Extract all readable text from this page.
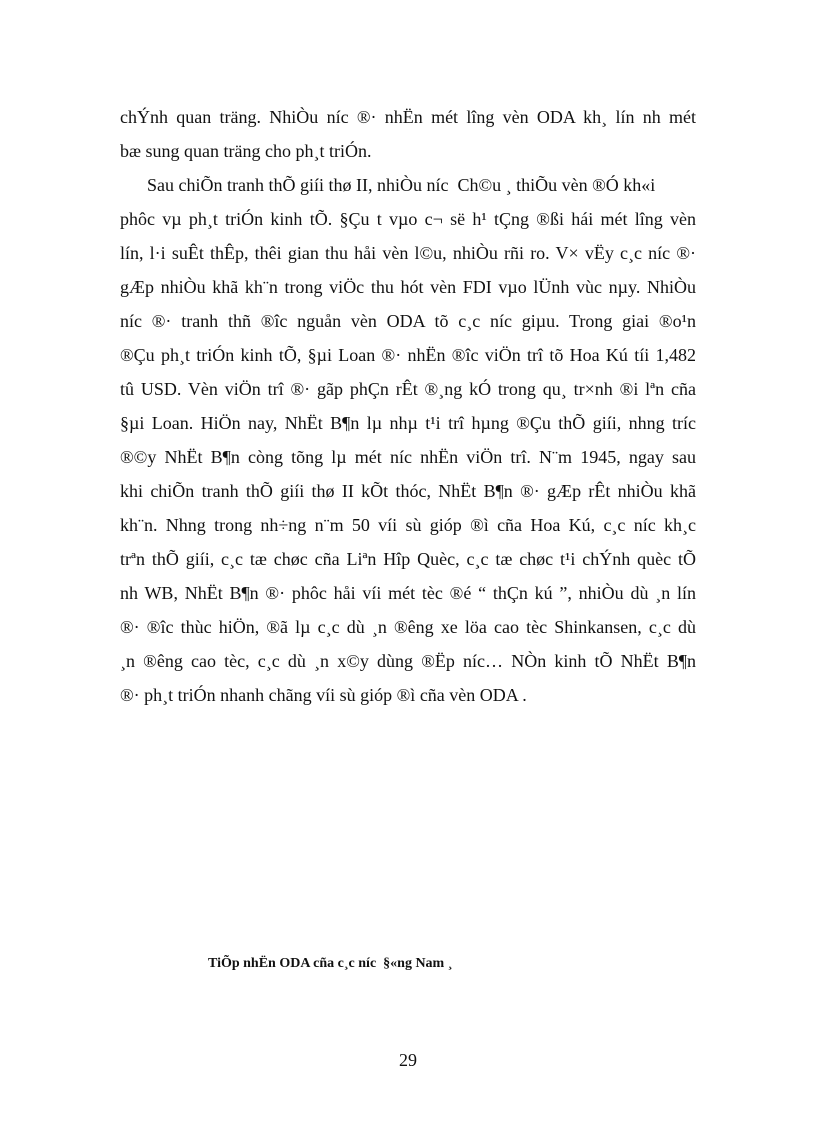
chÝnh quan träng. NhiÒu níc ®· nhËn mét lîng vèn ODA kh¸ lín nh mét
bæ sung quan träng cho ph¸t triÓn.
Sau chiÕn tranh thÕ giíi thø II, nhiÒu níc  Ch©u ¸ thiÕu vèn ®Ó kh«i
phôc vµ ph¸t triÓn kinh tÕ. §Çu t vµo c¬ së h¹ tÇng ®ßi hái mét lîng vèn
lín, l·i suÊt thÊp, thêi gian thu håi vèn l©u, nhiÒu rñi ro. V× vËy c¸c níc ®·
gÆp nhiÒu khã kh¨n trong viÖc thu hót vèn FDI vµo lÜnh vùc nµy. NhiÒu
níc ®· tranh thñ ®îc nguån vèn ODA tõ c¸c níc giµu. Trong giai ®o¹n
®Çu ph¸t triÓn kinh tÕ, §µi Loan ®· nhËn ®îc viÖn trî tõ Hoa Kú tíi 1,482
tû USD. Vèn viÖn trî ®· gãp phÇn rÊt ®¸ng kÓ trong qu¸ tr×nh ®i lªn cña
§µi Loan. HiÖn nay, NhËt B¶n lµ nhµ t¹i trî hµng ®Çu thÕ giíi, nhng tríc
®©y NhËt B¶n còng tõng lµ mét níc nhËn viÖn trî. N¨m 1945, ngay sau
khi chiÕn tranh thÕ giíi thø II kÕt thóc, NhËt B¶n ®· gÆp rÊt nhiÒu khã
kh¨n. Nhng trong nh÷ng n¨m 50 víi sù gióp ®ì cña Hoa Kú, c¸c níc kh¸c
trªn thÕ giíi, c¸c tæ chøc cña Liªn Hîp Quèc, c¸c tæ chøc t¹i chÝnh quèc tÕ
nh WB, NhËt B¶n ®· phôc håi víi mét tèc ®é “ thÇn kú ”, nhiÒu dù ¸n lín
®· ®îc thùc hiÖn, ®ã lµ c¸c dù ¸n ®êng xe löa cao tèc Shinkansen, c¸c dù
¸n ®êng cao tèc, c¸c dù ¸n x©y dùng ®Ëp níc… NÒn kinh tÕ NhËt B¶n
®· ph¸t triÓn nhanh chãng víi sù gióp ®ì cña vèn ODA .
TiÕp nhËn ODA cña c¸c níc  §«ng Nam ¸
29
